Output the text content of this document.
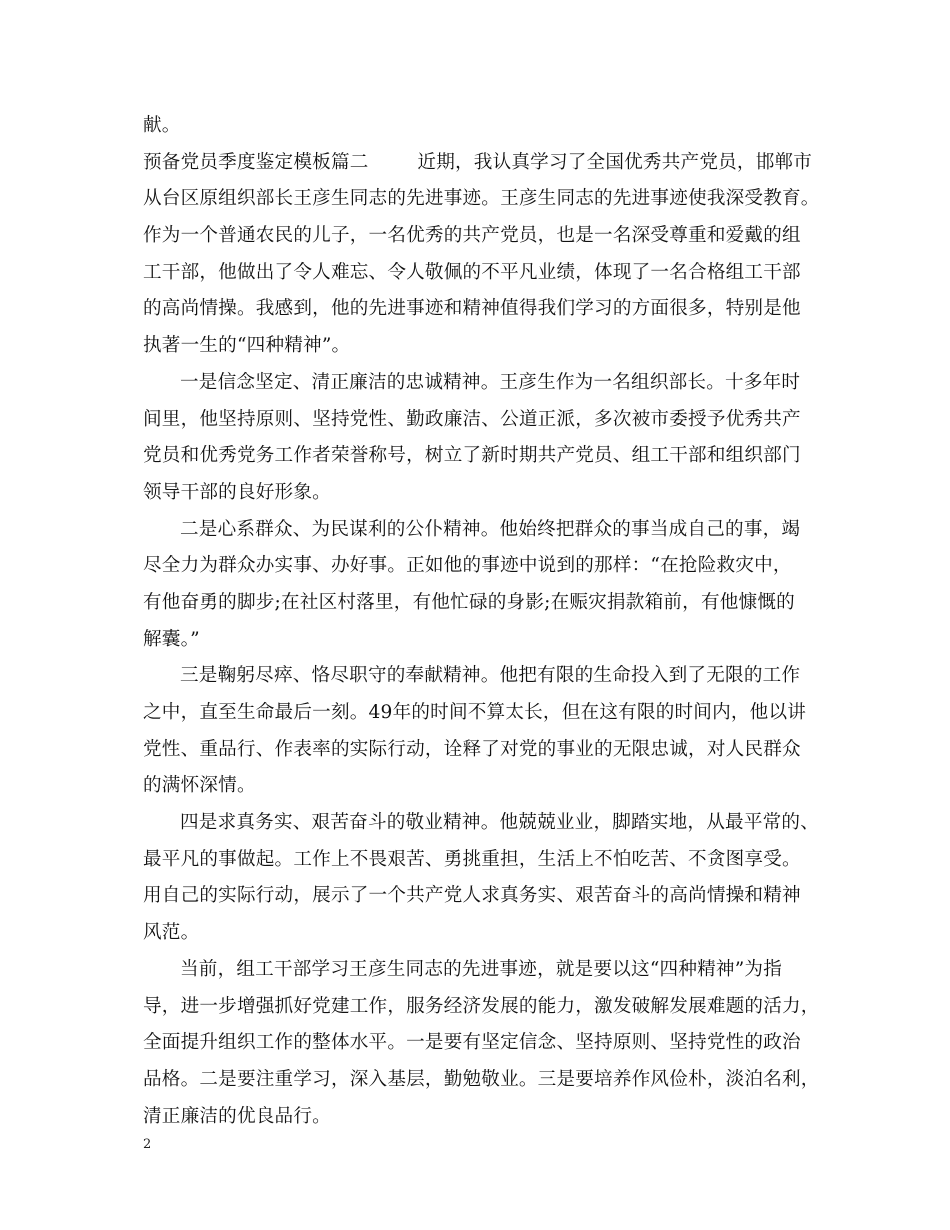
献。
预备党员季度鉴定模板篇二        近期，我认真学习了全国优秀共产党员，邯郸市
从台区原组织部长王彦生同志的先进事迹。王彦生同志的先进事迹使我深受教育。
作为一个普通农民的儿子，一名优秀的共产党员，也是一名深受尊重和爱戴的组
工干部，他做出了令人难忘、令人敬佩的不平凡业绩，体现了一名合格组工干部
的高尚情操。我感到，他的先进事迹和精神值得我们学习的方面很多，特别是他
执著一生的“四种精神”。
一是信念坚定、清正廉洁的忠诚精神。王彦生作为一名组织部长。十多年时
间里，他坚持原则、坚持党性、勤政廉洁、公道正派，多次被市委授予优秀共产
党员和优秀党务工作者荣誉称号，树立了新时期共产党员、组工干部和组织部门
领导干部的良好形象。
二是心系群众、为民谋利的公仆精神。他始终把群众的事当成自己的事，竭
尽全力为群众办实事、办好事。正如他的事迹中说到的那样：“在抢险救灾中，
有他奋勇的脚步;在社区村落里，有他忙碌的身影;在赈灾捐款箱前，有他慷慨的
解囊。”
三是鞠躬尽瘁、恪尽职守的奉献精神。他把有限的生命投入到了无限的工作
之中，直至生命最后一刻。49年的时间不算太长，但在这有限的时间内，他以讲
党性、重品行、作表率的实际行动，诠释了对党的事业的无限忠诚，对人民群众
的满怀深情。
四是求真务实、艰苦奋斗的敬业精神。他兢兢业业，脚踏实地，从最平常的、
最平凡的事做起。工作上不畏艰苦、勇挑重担，生活上不怕吃苦、不贪图享受。
用自己的实际行动，展示了一个共产党人求真务实、艰苦奋斗的高尚情操和精神
风范。
当前，组工干部学习王彦生同志的先进事迹，就是要以这“四种精神”为指
导，进一步增强抓好党建工作，服务经济发展的能力，激发破解发展难题的活力，
全面提升组织工作的整体水平。一是要有坚定信念、坚持原则、坚持党性的政治
品格。二是要注重学习，深入基层，勤勉敬业。三是要培养作风俭朴，淡泊名利，
清正廉洁的优良品行。
2
